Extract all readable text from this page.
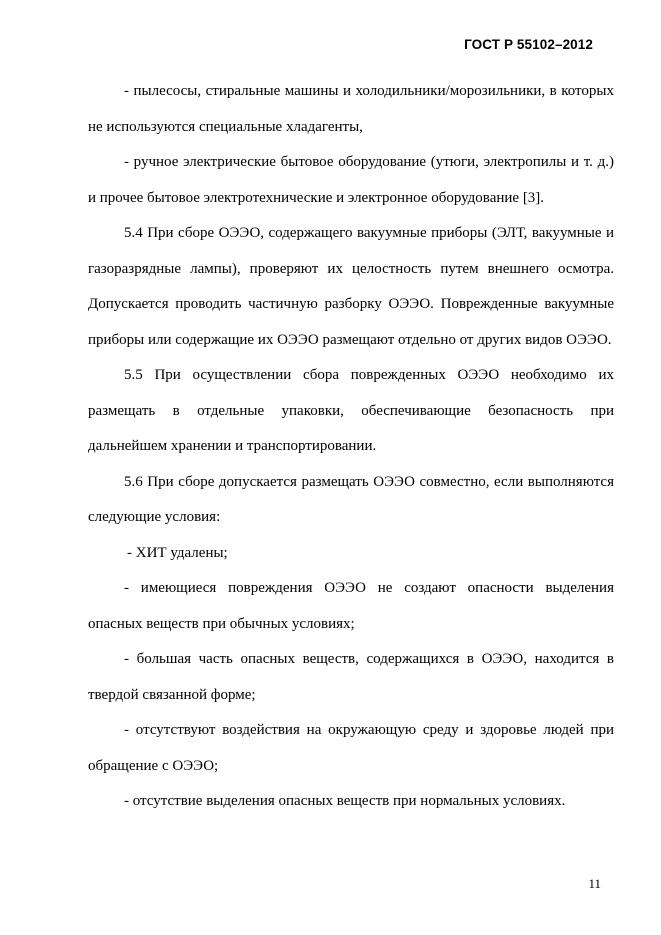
ГОСТ Р 55102–2012

- пылесосы, стиральные машины и холодильники/морозильники, в которых не используются специальные хладагенты,

- ручное электрические бытовое оборудование (утюги, электропилы и т. д.) и прочее бытовое электротехнические и электронное оборудование [3].

5.4 При сборе ОЭЭО, содержащего вакуумные приборы (ЭЛТ, вакуумные и газоразрядные лампы), проверяют их целостность путем внешнего осмотра. Допускается проводить частичную разборку ОЭЭО. Поврежденные вакуумные приборы или содержащие их ОЭЭО размещают отдельно от других видов ОЭЭО.

5.5 При осуществлении сбора поврежденных ОЭЭО необходимо их размещать в отдельные упаковки, обеспечивающие безопасность при дальнейшем хранении и транспортировании.

5.6 При сборе допускается размещать ОЭЭО совместно, если выполняются следующие условия:

- ХИТ удалены;

- имеющиеся повреждения ОЭЭО не создают опасности выделения опасных веществ при обычных условиях;

- большая часть опасных веществ, содержащихся в ОЭЭО, находится в твердой связанной форме;

- отсутствуют воздействия на окружающую среду и здоровье людей при обращение с ОЭЭО;

- отсутствие выделения опасных веществ при нормальных условиях.

11
